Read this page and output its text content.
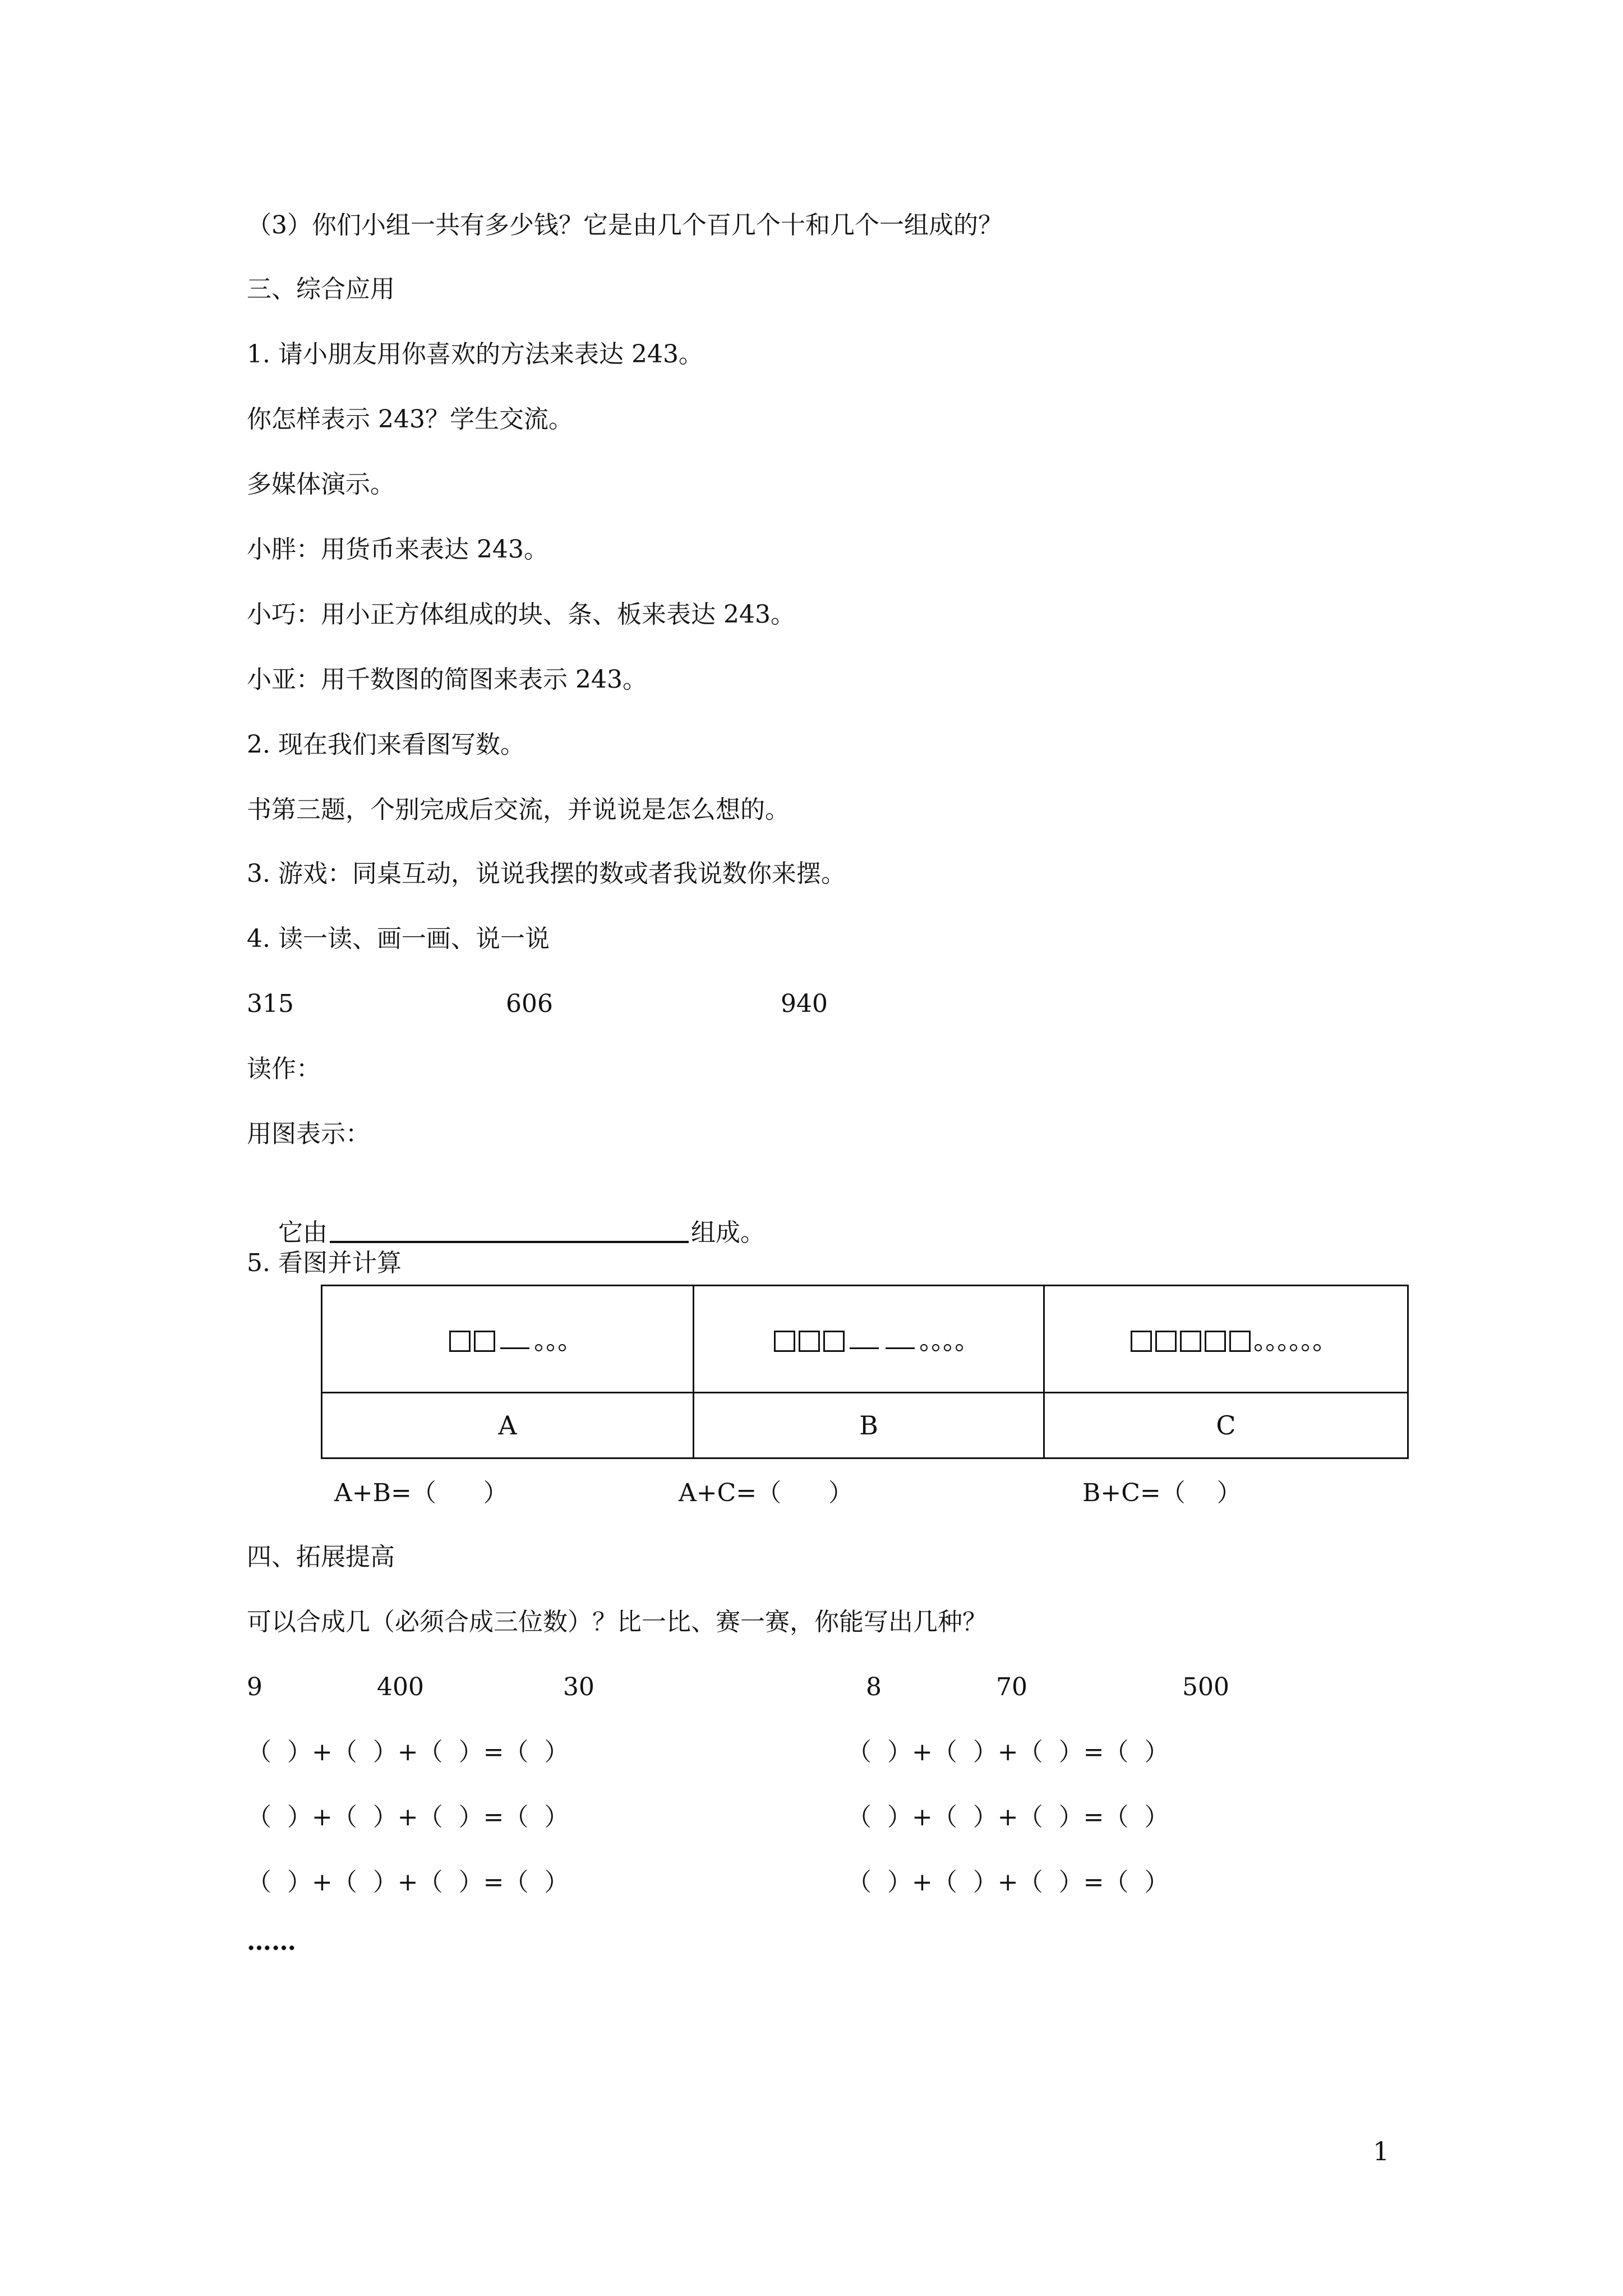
（3）你们小组一共有多少钱？它是由几个百几个十和几个一组成的？
三、综合应用
1. 请小朋友用你喜欢的方法来表达 243。
你怎样表示 243？学生交流。
多媒体演示。
小胖：用货币来表达 243。
小巧：用小正方体组成的块、条、板来表达 243。
小亚：用千数图的简图来表示 243。
2. 现在我们来看图写数。
书第三题，个别完成后交流，并说说是怎么想的。
3. 游戏：同桌互动，说说我摆的数或者我说数你来摆。
4. 读一读、画一画、说一说
315	606	940
读作：
用图表示：

它由	组成。

5. 看图并计算

A	B	C
A+B=（      ）	A+C=（      ）	B+C=（    ）
四、拓展提高
可以合成几（必须合成三位数）？比一比、赛一赛，你能写出几种？
9	400	30	8	70	500
（  ）+（  ）+（  ）=（  ）	（  ）+（  ）+（  ）=（  ）
（  ）+（  ）+（  ）=（  ）	（  ）+（  ）+（  ）=（  ）
（  ）+（  ）+（  ）=（  ）	（  ）+（  ）+（  ）=（  ）
……
1
